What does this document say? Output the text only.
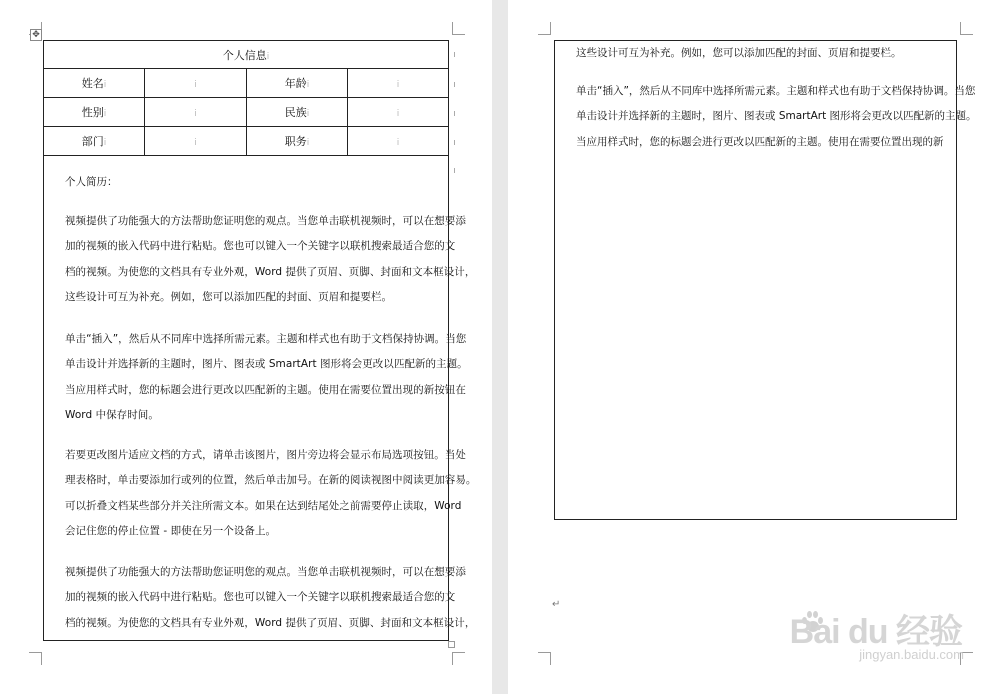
✥
个人信息ⅰ			
姓名ⅰ	ⅰ	年龄ⅰ	ⅰ
性别ⅰ	ⅰ	民族ⅰ	ⅰ
部门ⅰ	ⅰ	职务ⅰ	ⅰ
个人简历：
视频提供了功能强大的方法帮助您证明您的观点。当您单击联机视频时，可以在想要添
加的视频的嵌入代码中进行粘贴。您也可以键入一个关键字以联机搜索最适合您的文
档的视频。为使您的文档具有专业外观，Word 提供了页眉、页脚、封面和文本框设计，
这些设计可互为补充。例如，您可以添加匹配的封面、页眉和提要栏。
单击“插入”，然后从不同库中选择所需元素。主题和样式也有助于文档保持协调。当您
单击设计并选择新的主题时，图片、图表或 SmartArt 图形将会更改以匹配新的主题。
当应用样式时，您的标题会进行更改以匹配新的主题。使用在需要位置出现的新按钮在
Word 中保存时间。
若要更改图片适应文档的方式，请单击该图片，图片旁边将会显示布局选项按钮。当处
理表格时，单击要添加行或列的位置，然后单击加号。在新的阅读视图中阅读更加容易。
可以折叠文档某些部分并关注所需文本。如果在达到结尾处之前需要停止读取，Word
会记住您的停止位置 - 即使在另一个设备上。
视频提供了功能强大的方法帮助您证明您的观点。当您单击联机视频时，可以在想要添
加的视频的嵌入代码中进行粘贴。您也可以键入一个关键字以联机搜索最适合您的文
档的视频。为使您的文档具有专业外观，Word 提供了页眉、页脚、封面和文本框设计，
这些设计可互为补充。例如，您可以添加匹配的封面、页眉和提要栏。
单击“插入”，然后从不同库中选择所需元素。主题和样式也有助于文档保持协调。当您
单击设计并选择新的主题时，图片、图表或 SmartArt 图形将会更改以匹配新的主题。
当应用样式时，您的标题会进行更改以匹配新的主题。使用在需要位置出现的新
↵
Bai du 经验
jingyan.baidu.com
